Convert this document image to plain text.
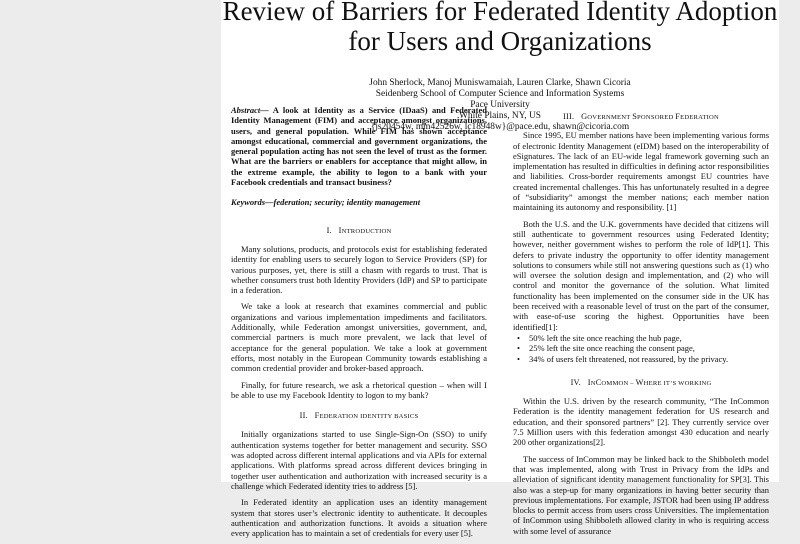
Review of Barriers for Federated Identity Adoption
for Users and Organizations
John Sherlock, Manoj Muniswamaiah, Lauren Clarke, Shawn Cicoria
Seidenberg School of Computer Science and Information Systems
Pace University
White Plains, NY, US
{js20454w, mm42526w, lc18948w}@pace.edu, shawn@cicoria.com

Abstract— A look at Identity as a Service (IDaaS) and Federated Identity Management (FIM) and acceptance amongst organizations, users, and general population. While FIM has shown acceptance amongst educational, commercial and government organizations, the general population acting has not seen the level of trust as the former. What are the barriers or enablers for acceptance that might allow, in the extreme example, the ability to logon to a bank with your Facebook credentials and transact business?

Keywords—federation; security; identity management

I. INTRODUCTION

Many solutions, products, and protocols exist for establishing federated identity for enabling users to securely logon to Service Providers (SP) for various purposes, yet, there is still a chasm with regards to trust. That is whether consumers trust both Identity Providers (IdP) and SP to participate in a federation.

We take a look at research that examines commercial and public organizations and various implementation impediments and facilitators. Additionally, while Federation amongst universities, government, and, commercial partners is much more prevalent, we lack that level of acceptance for the general population. We take a look at government efforts, most notably in the European Community towards establishing a common credential provider and broker-based approach.

Finally, for future research, we ask a rhetorical question – when will I be able to use my Facebook Identity to logon to my bank?

II. FEDERATION IDENTITY BASICS

Initially organizations started to use Single-Sign-On (SSO) to unify authentication systems together for better management and security. SSO was adopted across different internal applications and via APIs for external applications. With platforms spread across different devices bringing in together user authentication and authorization with increased security is a challenge which Federated identity tries to address [5].

In Federated identity an application uses an identity management system that stores user’s electronic identity to authenticate. It decouples authentication and authorization functions. It avoids a situation where every application has to maintain a set of credentials for every user [5].

III. GOVERNMENT SPONSORED FEDERATION

Since 1995, EU member nations have been implementing various forms of electronic Identity Management (eIDM) based on the interoperability of eSignatures. The lack of an EU-wide legal framework governing such an implementation has resulted in difficulties in defining actor responsibilities and liabilities. Cross-border requirements amongst EU countries have created incremental challenges. This has unfortunately resulted in a degree of “subsidiarity” amongst the member nations; each member nation maintaining its autonomy and responsibility. [1]

Both the U.S. and the U.K. governments have decided that citizens will still authenticate to government resources using Federated Identity; however, neither government wishes to perform the role of IdP[1]. This defers to private industry the opportunity to offer identity management solutions to consumers while still not answering questions such as (1) who will oversee the solution design and implementation, and (2) who will control and monitor the governance of the solution. What limited functionality has been implemented on the consumer side in the UK has been received with a reasonable level of trust on the part of the consumer, with ease-of-use scoring the highest. Opportunities have been identified[1]:

• 50% left the site once reaching the hub page,
• 25% left the site once reaching the consent page,
• 34% of users felt threatened, not reassured, by the privacy.
IV. INCOMMON – WHERE IT’S WORKING

Within the U.S. driven by the research community, “The InCommon Federation is the identity management federation for US research and education, and their sponsored partners” [2]. They currently service over 7.5 Million users with this federation amongst 430 education and nearly 200 other organizations[2].

The success of InCommon may be linked back to the Shibboleth model that was implemented, along with Trust in Privacy from the IdPs and alleviation of significant identity management functionality for SP[3]. This also was a step-up for many organizations in having better security than previous implementations. For example, JSTOR had been using IP address blocks to permit access from users cross Universities. The implementation of InCommon using Shibboleth allowed clarity in who is requiring access with some level of assurance
